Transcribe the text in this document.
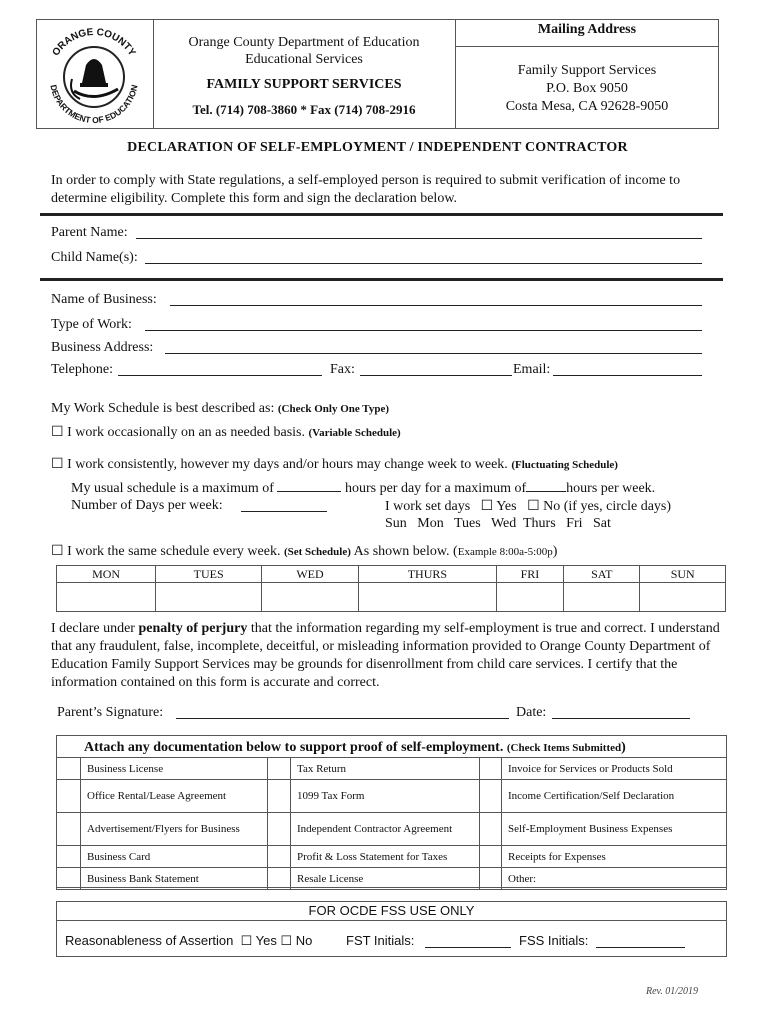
ORANGE COUNTY
DEPARTMENT OF EDUCATION
Orange County Department of Education
Educational Services
FAMILY SUPPORT SERVICES
Tel. (714) 708-3860 * Fax (714) 708-2916
Mailing Address
Family Support Services
P.O. Box 9050
Costa Mesa, CA 92628-9050
DECLARATION OF SELF-EMPLOYMENT / INDEPENDENT CONTRACTOR
In order to comply with State regulations, a self-employed person is required to submit verification of income to determine eligibility. Complete this form and sign the declaration below.
Parent Name:
Child Name(s):
Name of Business:
Type of Work:
Business Address:
Telephone:	Fax:	Email:
My Work Schedule is best described as: (Check Only One Type)
☐ I work occasionally on an as needed basis. (Variable Schedule)
☐ I work consistently, however my days and/or hours may change week to week. (Fluctuating Schedule)
My usual schedule is a maximum of	hours per day for a maximum of	hours per week.
Number of Days per week:	I work set days ☐ Yes ☐ No (if yes, circle days)
Sun   Mon   Tues   Wed  Thurs   Fri   Sat
☐ I work the same schedule every week. (Set Schedule) As shown below. (Example 8:00a-5:00p)
MON	TUES	WED	THURS	FRI	SAT	SUN

I declare under penalty of perjury that the information regarding my self-employment is true and correct. I understand that any fraudulent, false, incomplete, deceitful, or misleading information provided to Orange County Department of Education Family Support Services may be grounds for disenrollment from child care services. I certify that the information contained on this form is accurate and correct.
Parent’s Signature:	Date:
Attach any documentation below to support proof of self-employment. (Check Items Submitted)
	Business License		Tax Return		Invoice for Services or Products Sold
	Office Rental/Lease Agreement		1099 Tax Form		Income Certification/Self Declaration
	Advertisement/Flyers for Business		Independent Contractor Agreement		Self-Employment Business Expenses
	Business Card		Profit & Loss Statement for Taxes		Receipts for Expenses
	Business Bank Statement		Resale License		Other:
FOR OCDE FSS USE ONLY
Reasonableness of Assertion ☐ Yes ☐ No	FST Initials:	FSS Initials:
Rev. 01/2019
